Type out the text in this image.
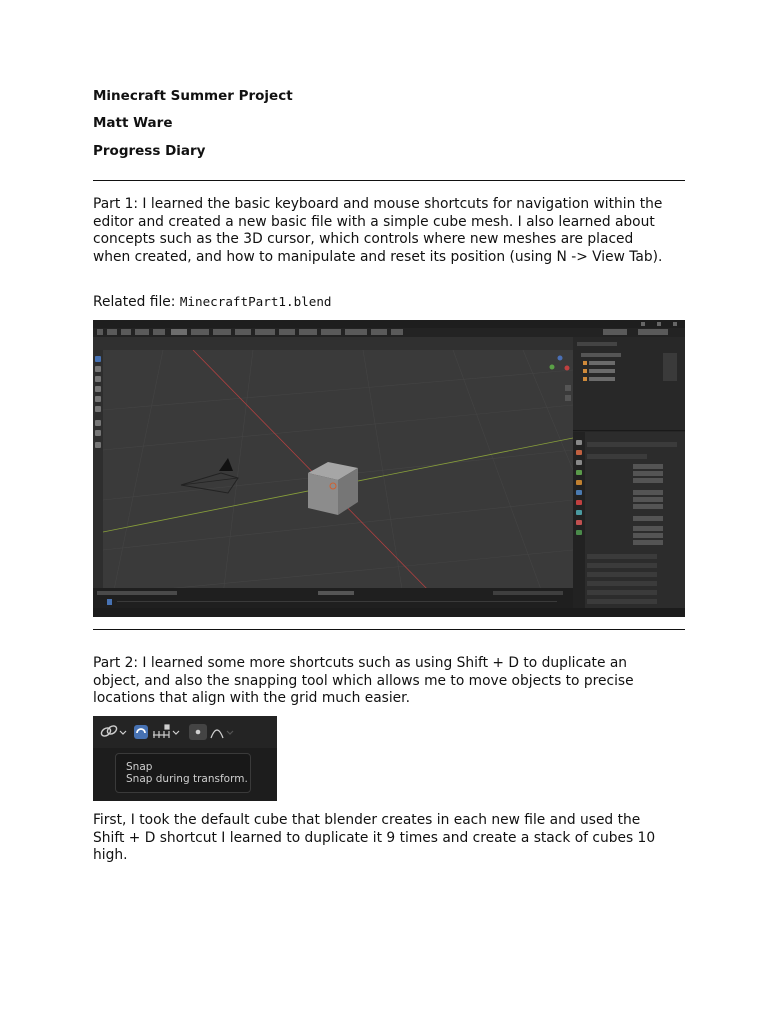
Minecraft Summer Project
Matt Ware
Progress Diary
Part 1: I learned the basic keyboard and mouse shortcuts for navigation within the editor and created a new basic file with a simple cube mesh. I also learned about concepts such as the 3D cursor, which controls where new meshes are placed when created, and how to manipulate and reset its position (using N -> View Tab).
Related file: MinecraftPart1.blend
Part 2: I learned some more shortcuts such as using Shift + D to duplicate an object, and also the snapping tool which allows me to move objects to precise locations that align with the grid much easier.
Snap
Snap during transform.
First, I took the default cube that blender creates in each new file and used the Shift + D shortcut I learned to duplicate it 9 times and create a stack of cubes 10 high.
